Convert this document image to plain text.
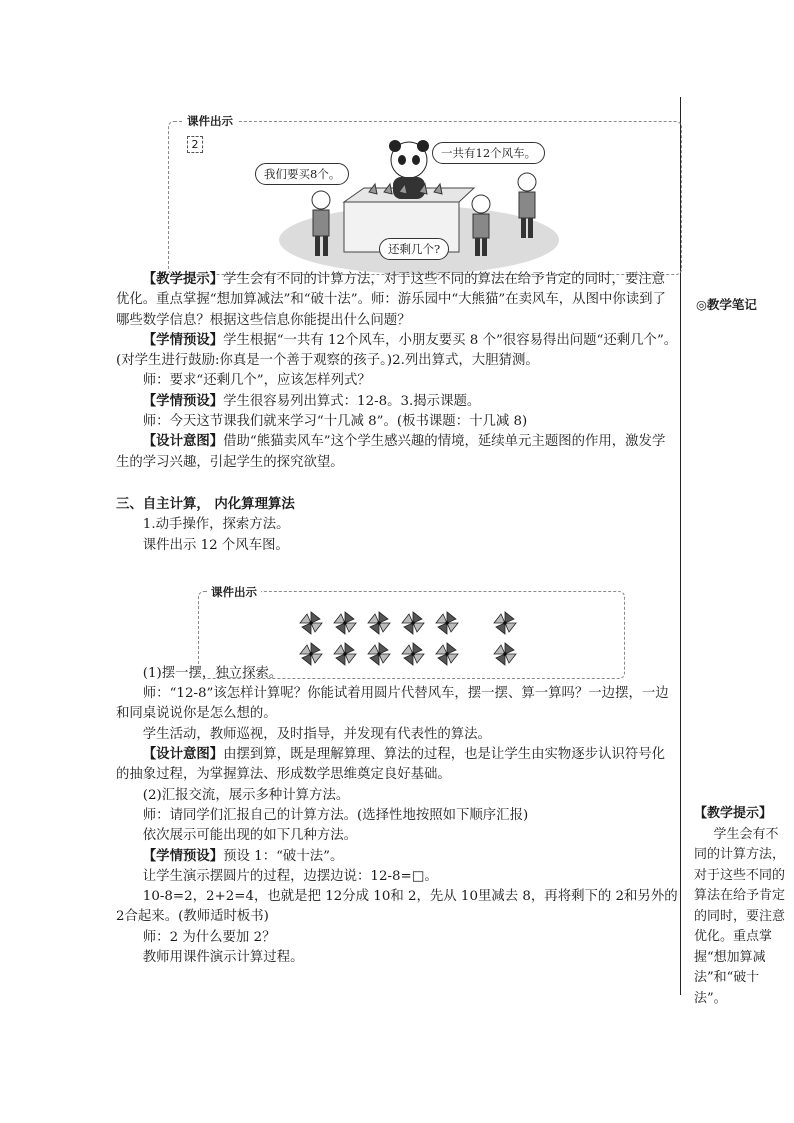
课件出示
2
我们要买8个。
一共有12个风车。
还剩几个?
◎教学笔记

【教学提示】

学生会有不同的计算方法，对于这些不同的算法在给予肯定的同时，要注意优化。重点掌握“想加算减法”和“破十法”。

【教学提示】学生会有不同的计算方法，对于这些不同的算法在给予肯定的同时，要注意优化。重点掌握“想加算减法”和“破十法”。师：游乐园中“大熊猫”在卖风车，从图中你读到了哪些数学信息？根据这些信息你能提出什么问题？

【学情预设】学生根据“一共有 12个风车，小朋友要买 8 个”很容易得出问题“还剩几个”。(对学生进行鼓励:你真是一个善于观察的孩子。)2.列出算式，大胆猜测。

师：要求“还剩几个”，应该怎样列式？

【学情预设】学生很容易列出算式：12-8。3.揭示课题。

师：今天这节课我们就来学习“十几减 8”。(板书课题：十几减 8)

【设计意图】借助“熊猫卖风车”这个学生感兴趣的情境，延续单元主题图的作用，激发学生的学习兴趣，引起学生的探究欲望。

三、自主计算， 内化算理算法

1.动手操作，探索方法。

课件出示 12 个风车图。

(1)摆一摆，独立探索。

师：“12-8”该怎样计算呢？你能试着用圆片代替风车，摆一摆、算一算吗？一边摆，一边和同桌说说你是怎么想的。

学生活动，教师巡视，及时指导，并发现有代表性的算法。

【设计意图】由摆到算，既是理解算理、算法的过程，也是让学生由实物逐步认识符号化的抽象过程，为掌握算法、形成数学思维奠定良好基础。

(2)汇报交流，展示多种计算方法。

师：请同学们汇报自己的计算方法。(选择性地按照如下顺序汇报)

依次展示可能出现的如下几种方法。

【学情预设】预设 1：“破十法”。

让学生演示摆圆片的过程，边摆边说：12-8=□。

10-8=2，2+2=4，也就是把 12分成 10和 2，先从 10里减去 8，再将剩下的 2和另外的 2合起来。(教师适时板书)

师：2 为什么要加 2？

教师用课件演示计算过程。

课件出示
